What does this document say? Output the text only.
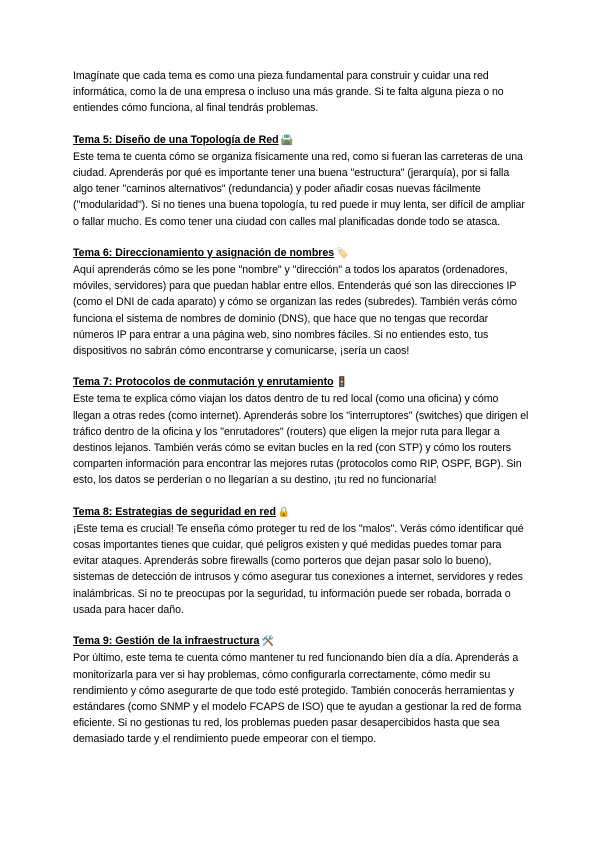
Imagínate que cada tema es como una pieza fundamental para construir y cuidar una red informática, como la de una empresa o incluso una más grande. Si te falta alguna pieza o no entiendes cómo funciona, al final tendrás problemas.

Tema 5: Diseño de una Topología de Red 🛣️

Este tema te cuenta cómo se organiza físicamente una red, como si fueran las carreteras de una ciudad. Aprenderás por qué es importante tener una buena "estructura" (jerarquía), por si falla algo tener "caminos alternativos" (redundancia) y poder añadir cosas nuevas fácilmente ("modularidad"). Si no tienes una buena topología, tu red puede ir muy lenta, ser difícil de ampliar o fallar mucho. Es como tener una ciudad con calles mal planificadas donde todo se atasca.

Tema 6: Direccionamiento y asignación de nombres 🏷️

Aquí aprenderás cómo se les pone "nombre" y "dirección" a todos los aparatos (ordenadores, móviles, servidores) para que puedan hablar entre ellos. Entenderás qué son las direcciones IP (como el DNI de cada aparato) y cómo se organizan las redes (subredes). También verás cómo funciona el sistema de nombres de dominio (DNS), que hace que no tengas que recordar números IP para entrar a una página web, sino nombres fáciles. Si no entiendes esto, tus dispositivos no sabrán cómo encontrarse y comunicarse, ¡sería un caos!

Tema 7: Protocolos de conmutación y enrutamiento 🚦

Este tema te explica cómo viajan los datos dentro de tu red local (como una oficina) y cómo llegan a otras redes (como internet). Aprenderás sobre los "interruptores" (switches) que dirigen el tráfico dentro de la oficina y los "enrutadores" (routers) que eligen la mejor ruta para llegar a destinos lejanos. También verás cómo se evitan bucles en la red (con STP) y cómo los routers comparten información para encontrar las mejores rutas (protocolos como RIP, OSPF, BGP). Sin esto, los datos se perderían o no llegarían a su destino, ¡tu red no funcionaría!

Tema 8: Estrategias de seguridad en red 🔒

¡Este tema es crucial! Te enseña cómo proteger tu red de los "malos". Verás cómo identificar qué cosas importantes tienes que cuidar, qué peligros existen y qué medidas puedes tomar para evitar ataques. Aprenderás sobre firewalls (como porteros que dejan pasar solo lo bueno), sistemas de detección de intrusos y cómo asegurar tus conexiones a internet, servidores y redes inalámbricas. Si no te preocupas por la seguridad, tu información puede ser robada, borrada o usada para hacer daño.

Tema 9: Gestión de la infraestructura 🛠️

Por último, este tema te cuenta cómo mantener tu red funcionando bien día a día. Aprenderás a monitorizarla para ver si hay problemas, cómo configurarla correctamente, cómo medir su rendimiento y cómo asegurarte de que todo esté protegido. También conocerás herramientas y estándares (como SNMP y el modelo FCAPS de ISO) que te ayudan a gestionar la red de forma eficiente. Si no gestionas tu red, los problemas pueden pasar desapercibidos hasta que sea demasiado tarde y el rendimiento puede empeorar con el tiempo.
